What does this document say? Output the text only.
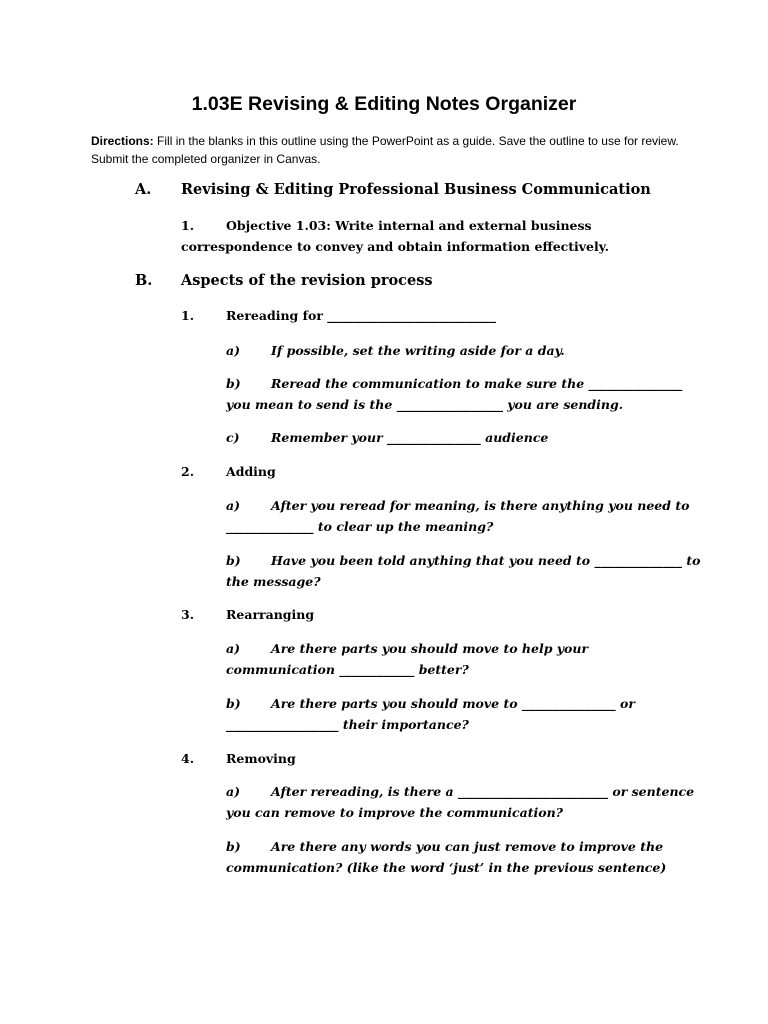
1.03E Revising & Editing Notes Organizer
Directions: Fill in the blanks in this outline using the PowerPoint as a guide. Save the outline to use for review. Submit the completed organizer in Canvas.
A. Revising & Editing Professional Business Communication
1.	Objective 1.03: Write internal and external business
correspondence to convey and obtain information effectively.
B. Aspects of the revision process
1.	Rereading for ___________________________
a) If possible, set the writing aside for a day.
b) Reread the communication to make sure the _______________
you mean to send is the _________________ you are sending.
c)	Remember your _______________ audience
2.	Adding
a) After you reread for meaning, is there anything you need to
______________ to clear up the meaning?
b) Have you been told anything that you need to ______________ to
the message?
3.	Rearranging
a) Are there parts you should move to help your
communication ____________ better?
b) Are there parts you should move to _______________ or
__________________ their importance?
4.	Removing
a) After rereading, is there a ________________________ or sentence
you can remove to improve the communication?
b) Are there any words you can just remove to improve the
communication? (like the word ‘just’ in the previous sentence)
